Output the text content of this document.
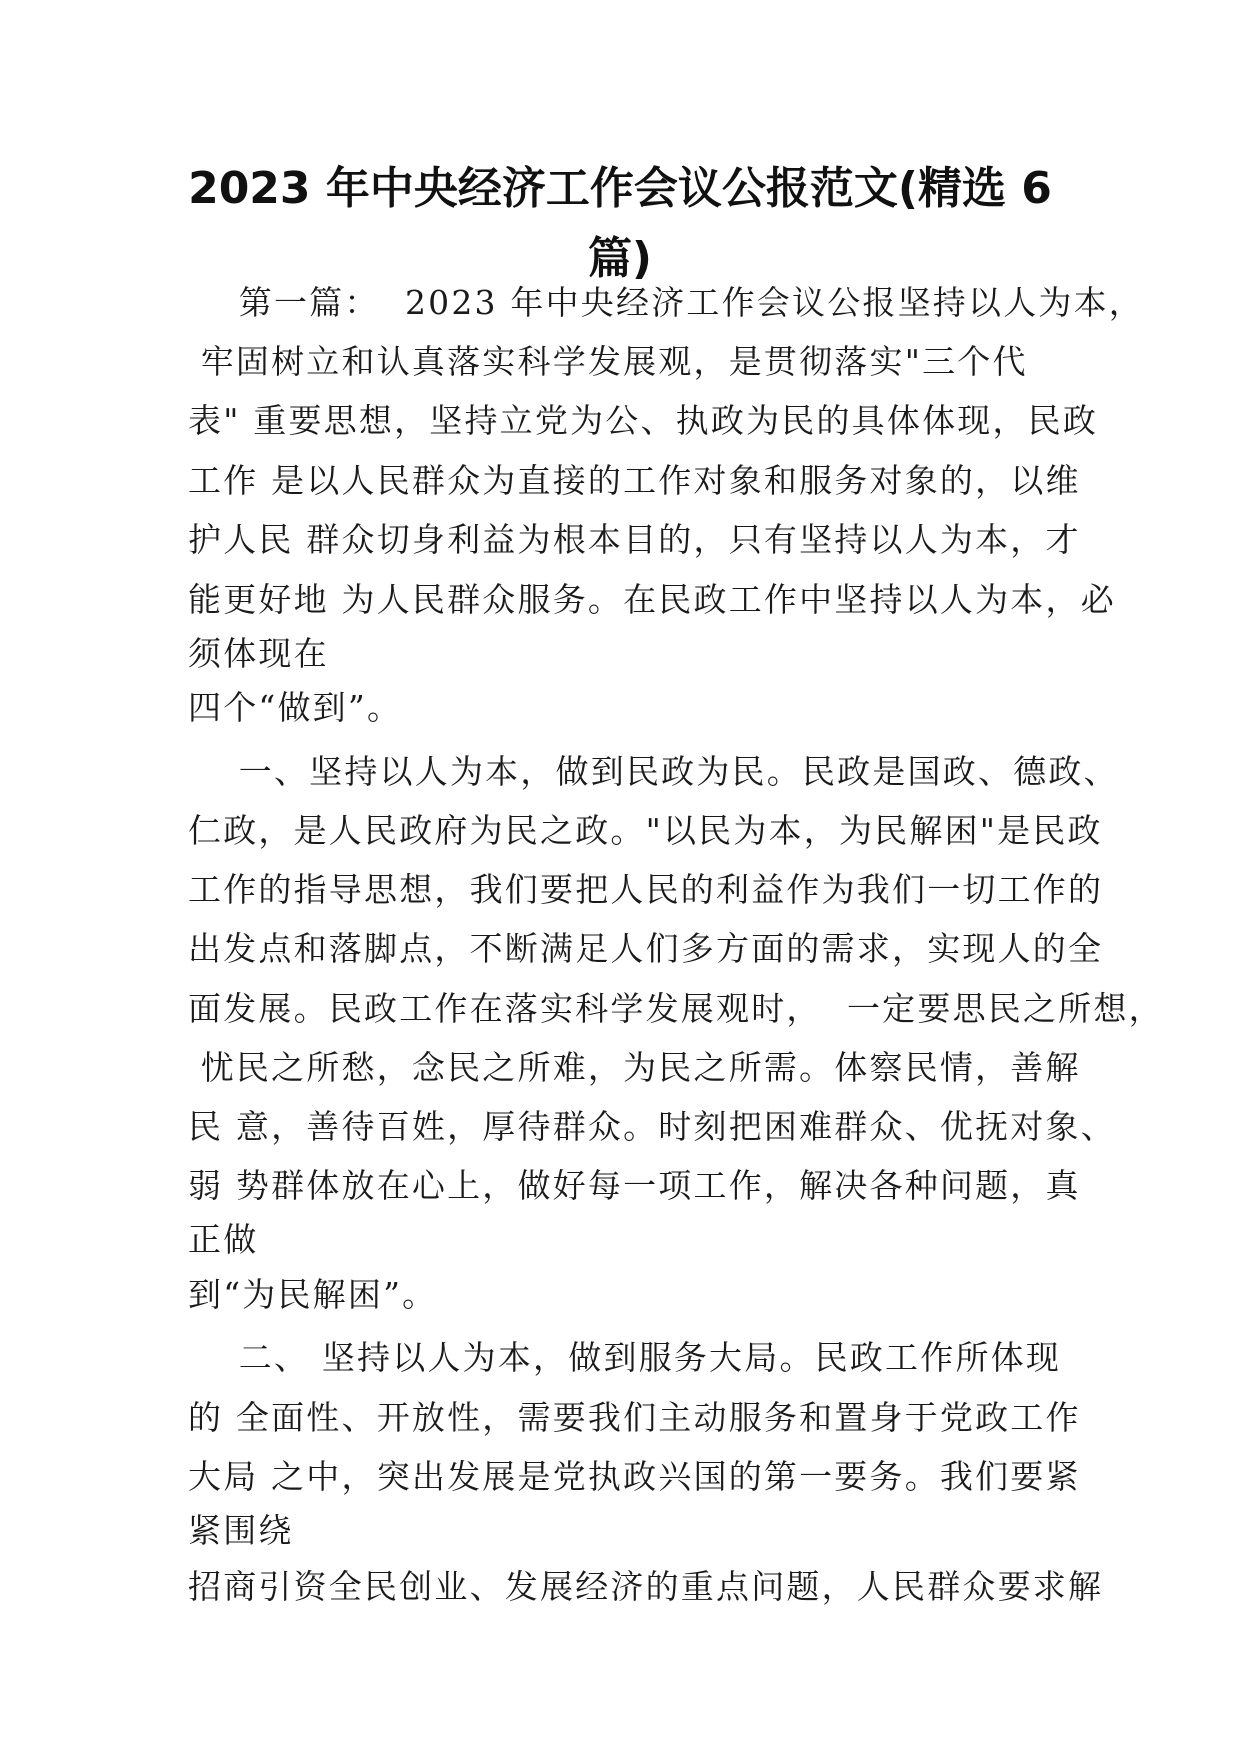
2023 年中央经济工作会议公报范文(精选 6
篇)
第一篇：  2023 年中央经济工作会议公报坚持以人为本，
牢固树立和认真落实科学发展观，是贯彻落实"三个代
表" 重要思想，坚持立党为公、执政为民的具体体现，民政
工作 是以人民群众为直接的工作对象和服务对象的，以维
护人民 群众切身利益为根本目的，只有坚持以人为本，才
能更好地 为人民群众服务。在民政工作中坚持以人为本，必
须体现在
四个“做到”。
一、坚持以人为本，做到民政为民。民政是国政、德政、
仁政，是人民政府为民之政。"以民为本，为民解困"是民政
工作的指导思想，我们要把人民的利益作为我们一切工作的
出发点和落脚点，不断满足人们多方面的需求，实现人的全
面发展。民政工作在落实科学发展观时，  一定要思民之所想，
忧民之所愁，念民之所难，为民之所需。体察民情，善解
民 意，善待百姓，厚待群众。时刻把困难群众、优抚对象、
弱 势群体放在心上，做好每一项工作，解决各种问题，真
正做
到“为民解困”。
二、 坚持以人为本，做到服务大局。民政工作所体现
的 全面性、开放性，需要我们主动服务和置身于党政工作
大局 之中，突出发展是党执政兴国的第一要务。我们要紧
紧围绕
招商引资全民创业、发展经济的重点问题，人民群众要求解
